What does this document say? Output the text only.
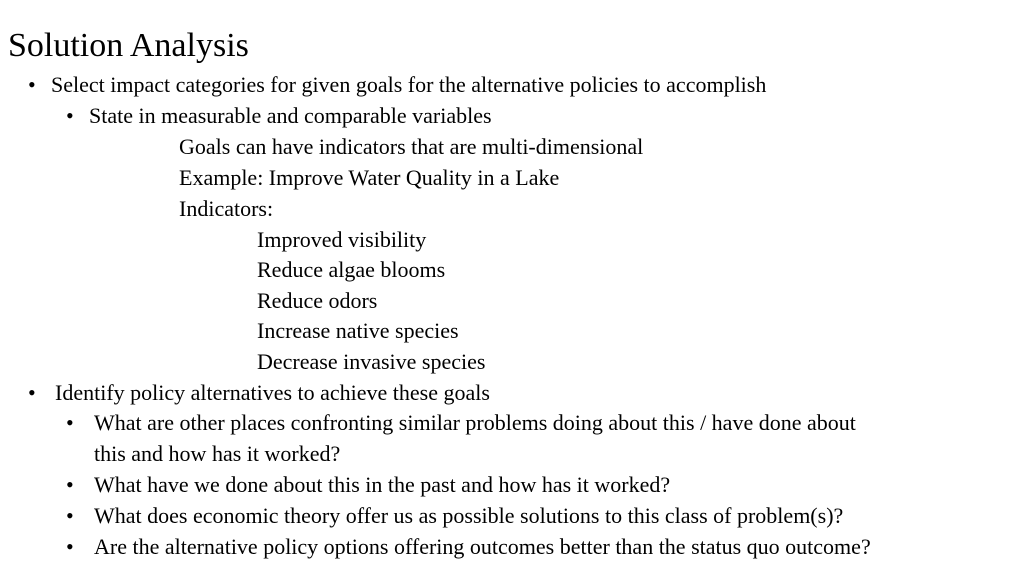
Solution Analysis
• Select impact categories for given goals for the alternative policies to accomplish
• State in measurable and comparable variables
Goals can have indicators that are multi-dimensional
Example: Improve Water Quality in a Lake
Indicators:
Improved visibility
Reduce algae blooms
Reduce odors
Increase native species
Decrease invasive species
• Identify policy alternatives to achieve these goals
• What are other places confronting similar problems doing about this / have done about
this and how has it worked?
• What have we done about this in the past and how has it worked?
• What does economic theory offer us as possible solutions to this class of problem(s)?
• Are the alternative policy options offering outcomes better than the status quo outcome?
